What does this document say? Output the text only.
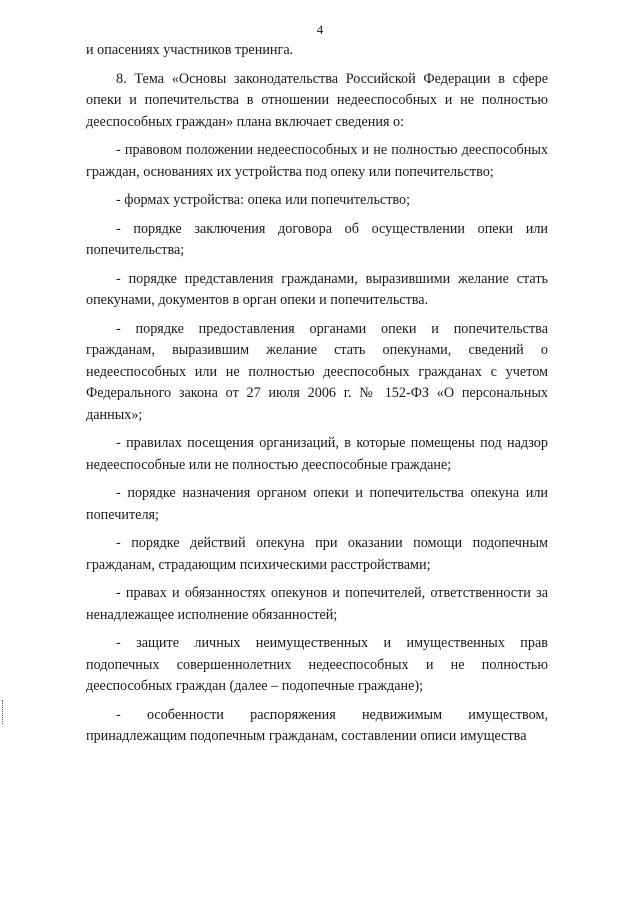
4

и опасениях участников тренинга.

8. Тема «Основы законодательства Российской Федерации в сфере опеки и попечительства в отношении недееспособных и не полностью дееспособных граждан» плана включает сведения о:

- правовом положении недееспособных и не полностью дееспособных граждан, основаниях их устройства под опеку или попечительство;

- формах устройства: опека или попечительство;

- порядке заключения договора об осуществлении опеки или попечительства;

- порядке представления гражданами, выразившими желание стать опекунами, документов в орган опеки и попечительства.

- порядке предоставления органами опеки и попечительства гражданам, выразившим желание стать опекунами, сведений о недееспособных или не полностью дееспособных гражданах с учетом Федерального закона от 27 июля 2006 г. № 152-ФЗ «О персональных данных»;

- правилах посещения организаций, в которые помещены под надзор недееспособные или не полностью дееспособные граждане;

- порядке назначения органом опеки и попечительства опекуна или попечителя;

- порядке действий опекуна при оказании помощи подопечным гражданам, страдающим психическими расстройствами;

- правах и обязанностях опекунов и попечителей, ответственности за ненадлежащее исполнение обязанностей;

- защите личных неимущественных и имущественных прав подопечных совершеннолетних недееспособных и не полностью дееспособных граждан (далее – подопечные граждане);

- особенности распоряжения недвижимым имуществом, принадлежащим подопечным гражданам, составлении описи имущества
